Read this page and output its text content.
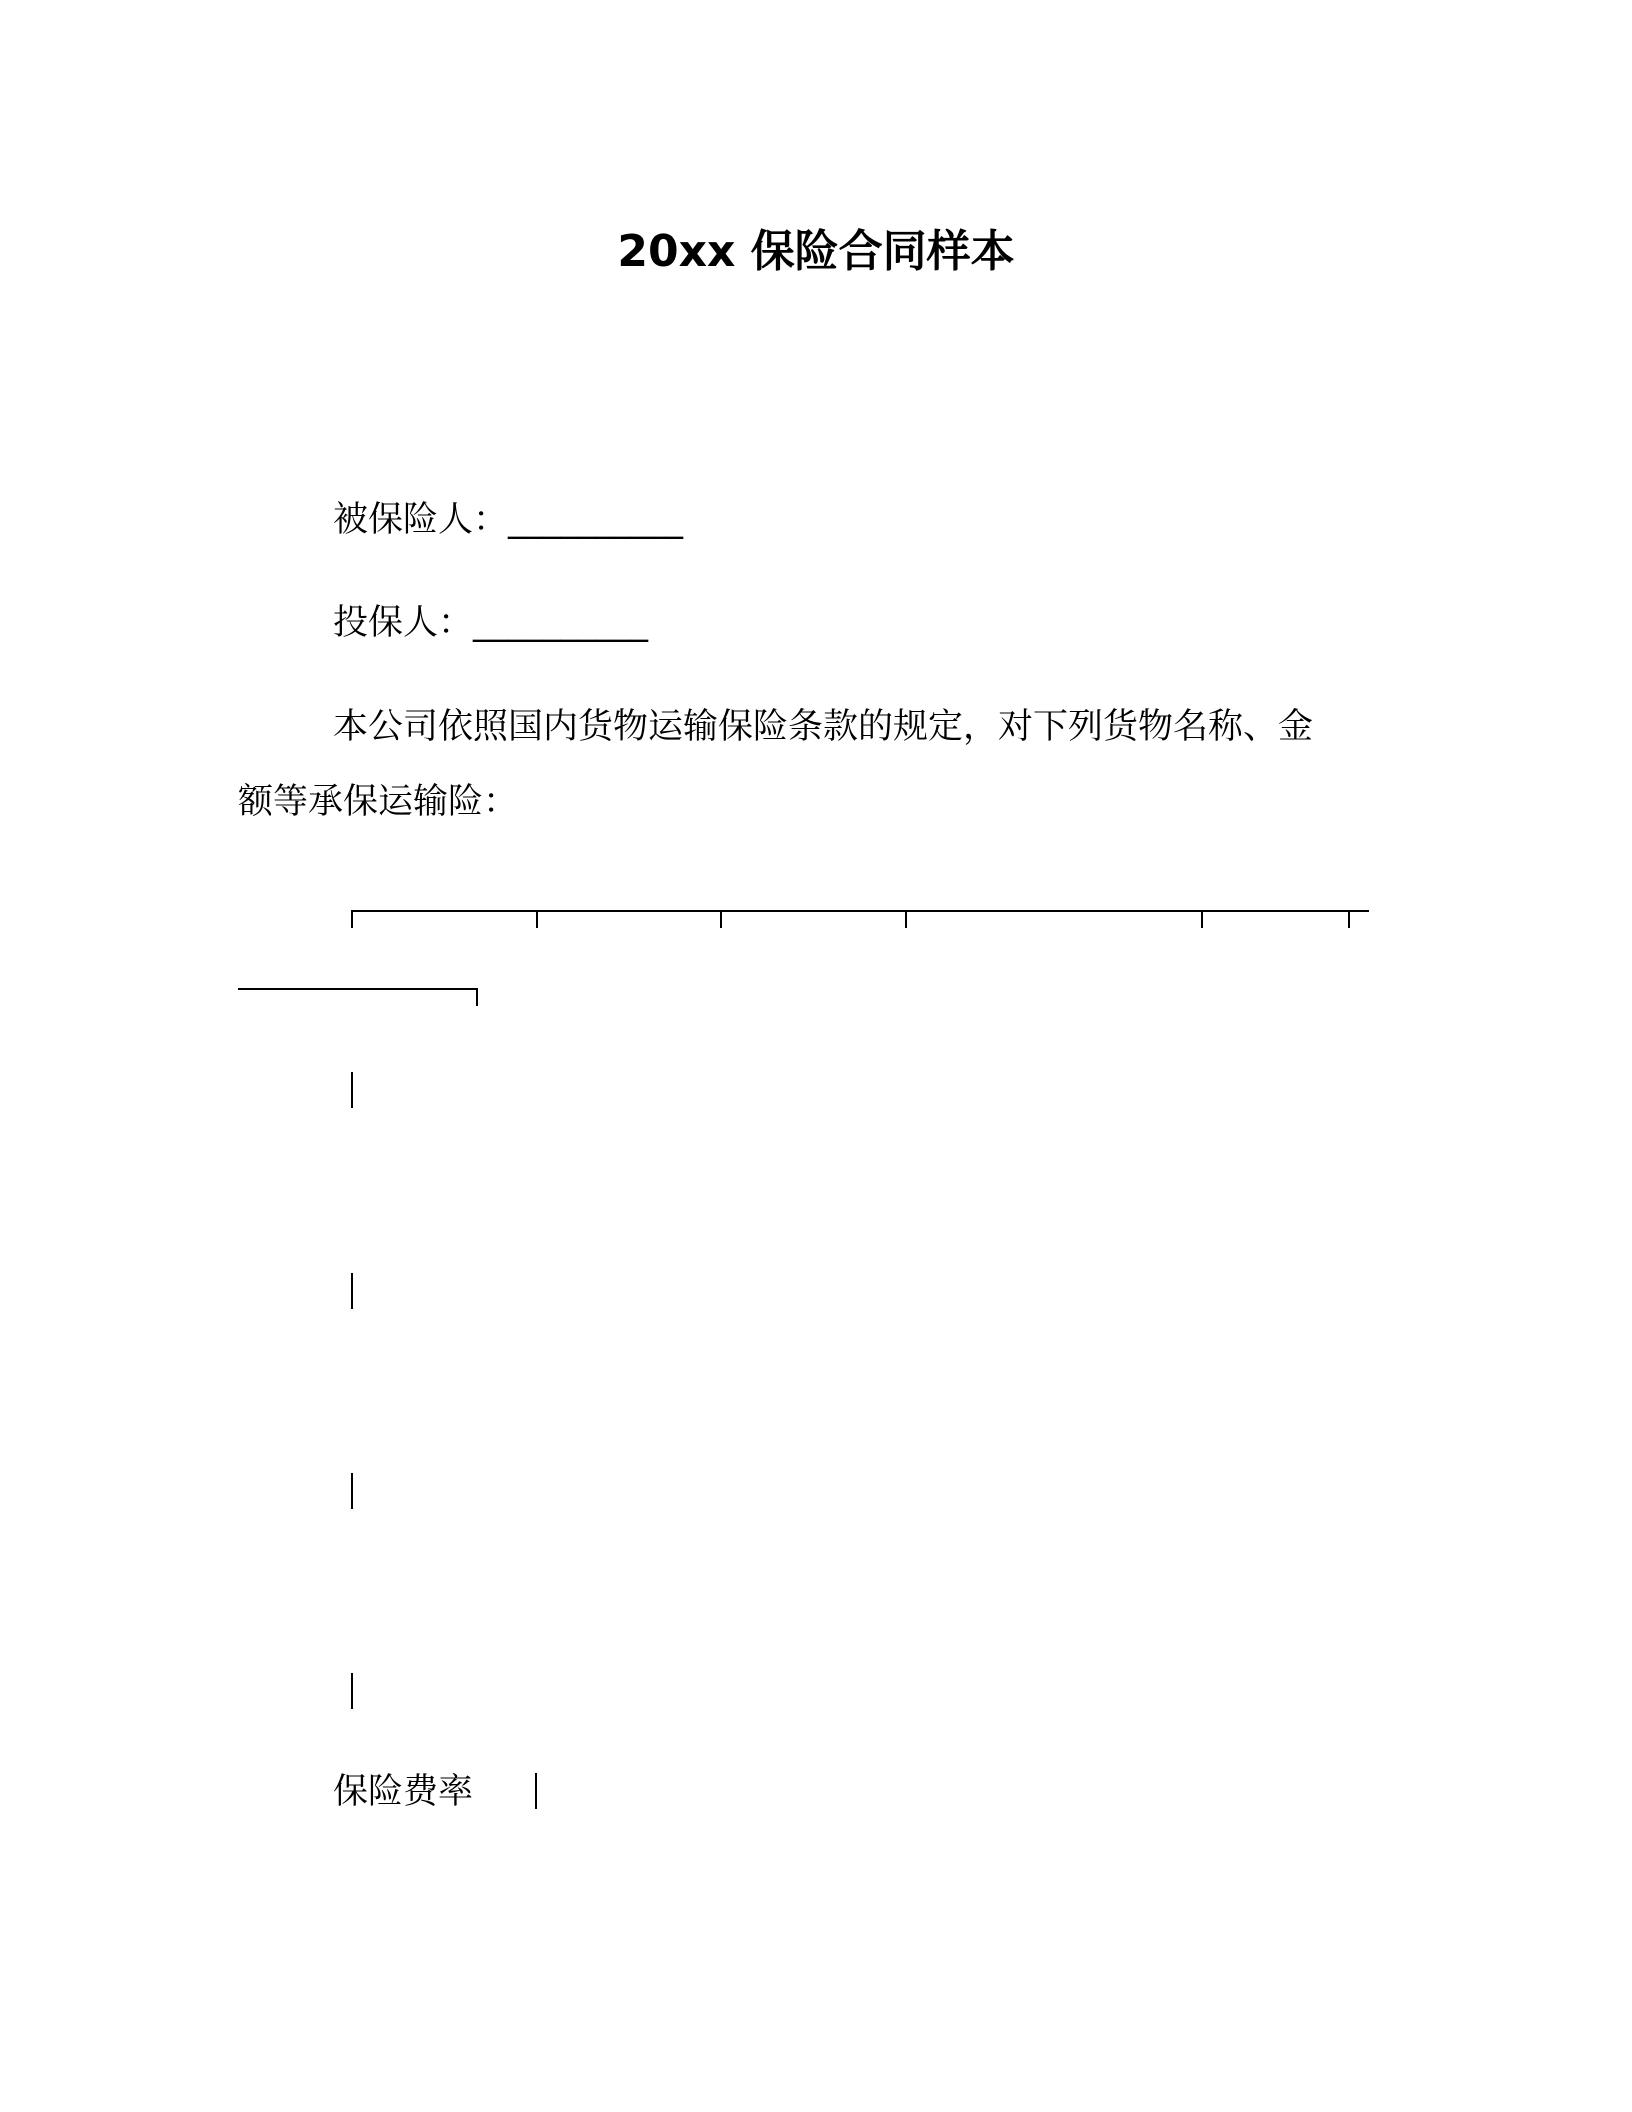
20xx 保险合同样本
被保险人：__________
投保人：__________
本公司依照国内货物运输保险条款的规定，对下列货物名称、金
额等承保运输险：
保险费率
